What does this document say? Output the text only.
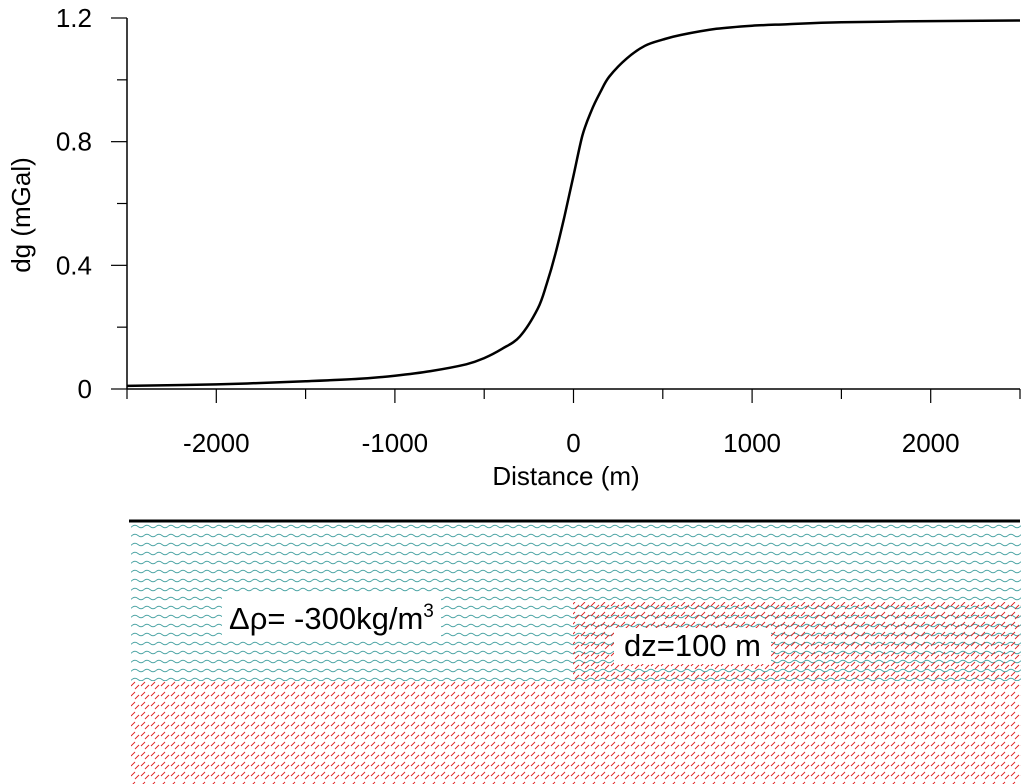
-2000	-1000	0	1000	2000
0
0.4
0.8
1.2
Distance (m)
dg (mGal)
$\Delta\rho= -300kg/m^3$
dz=100 m
